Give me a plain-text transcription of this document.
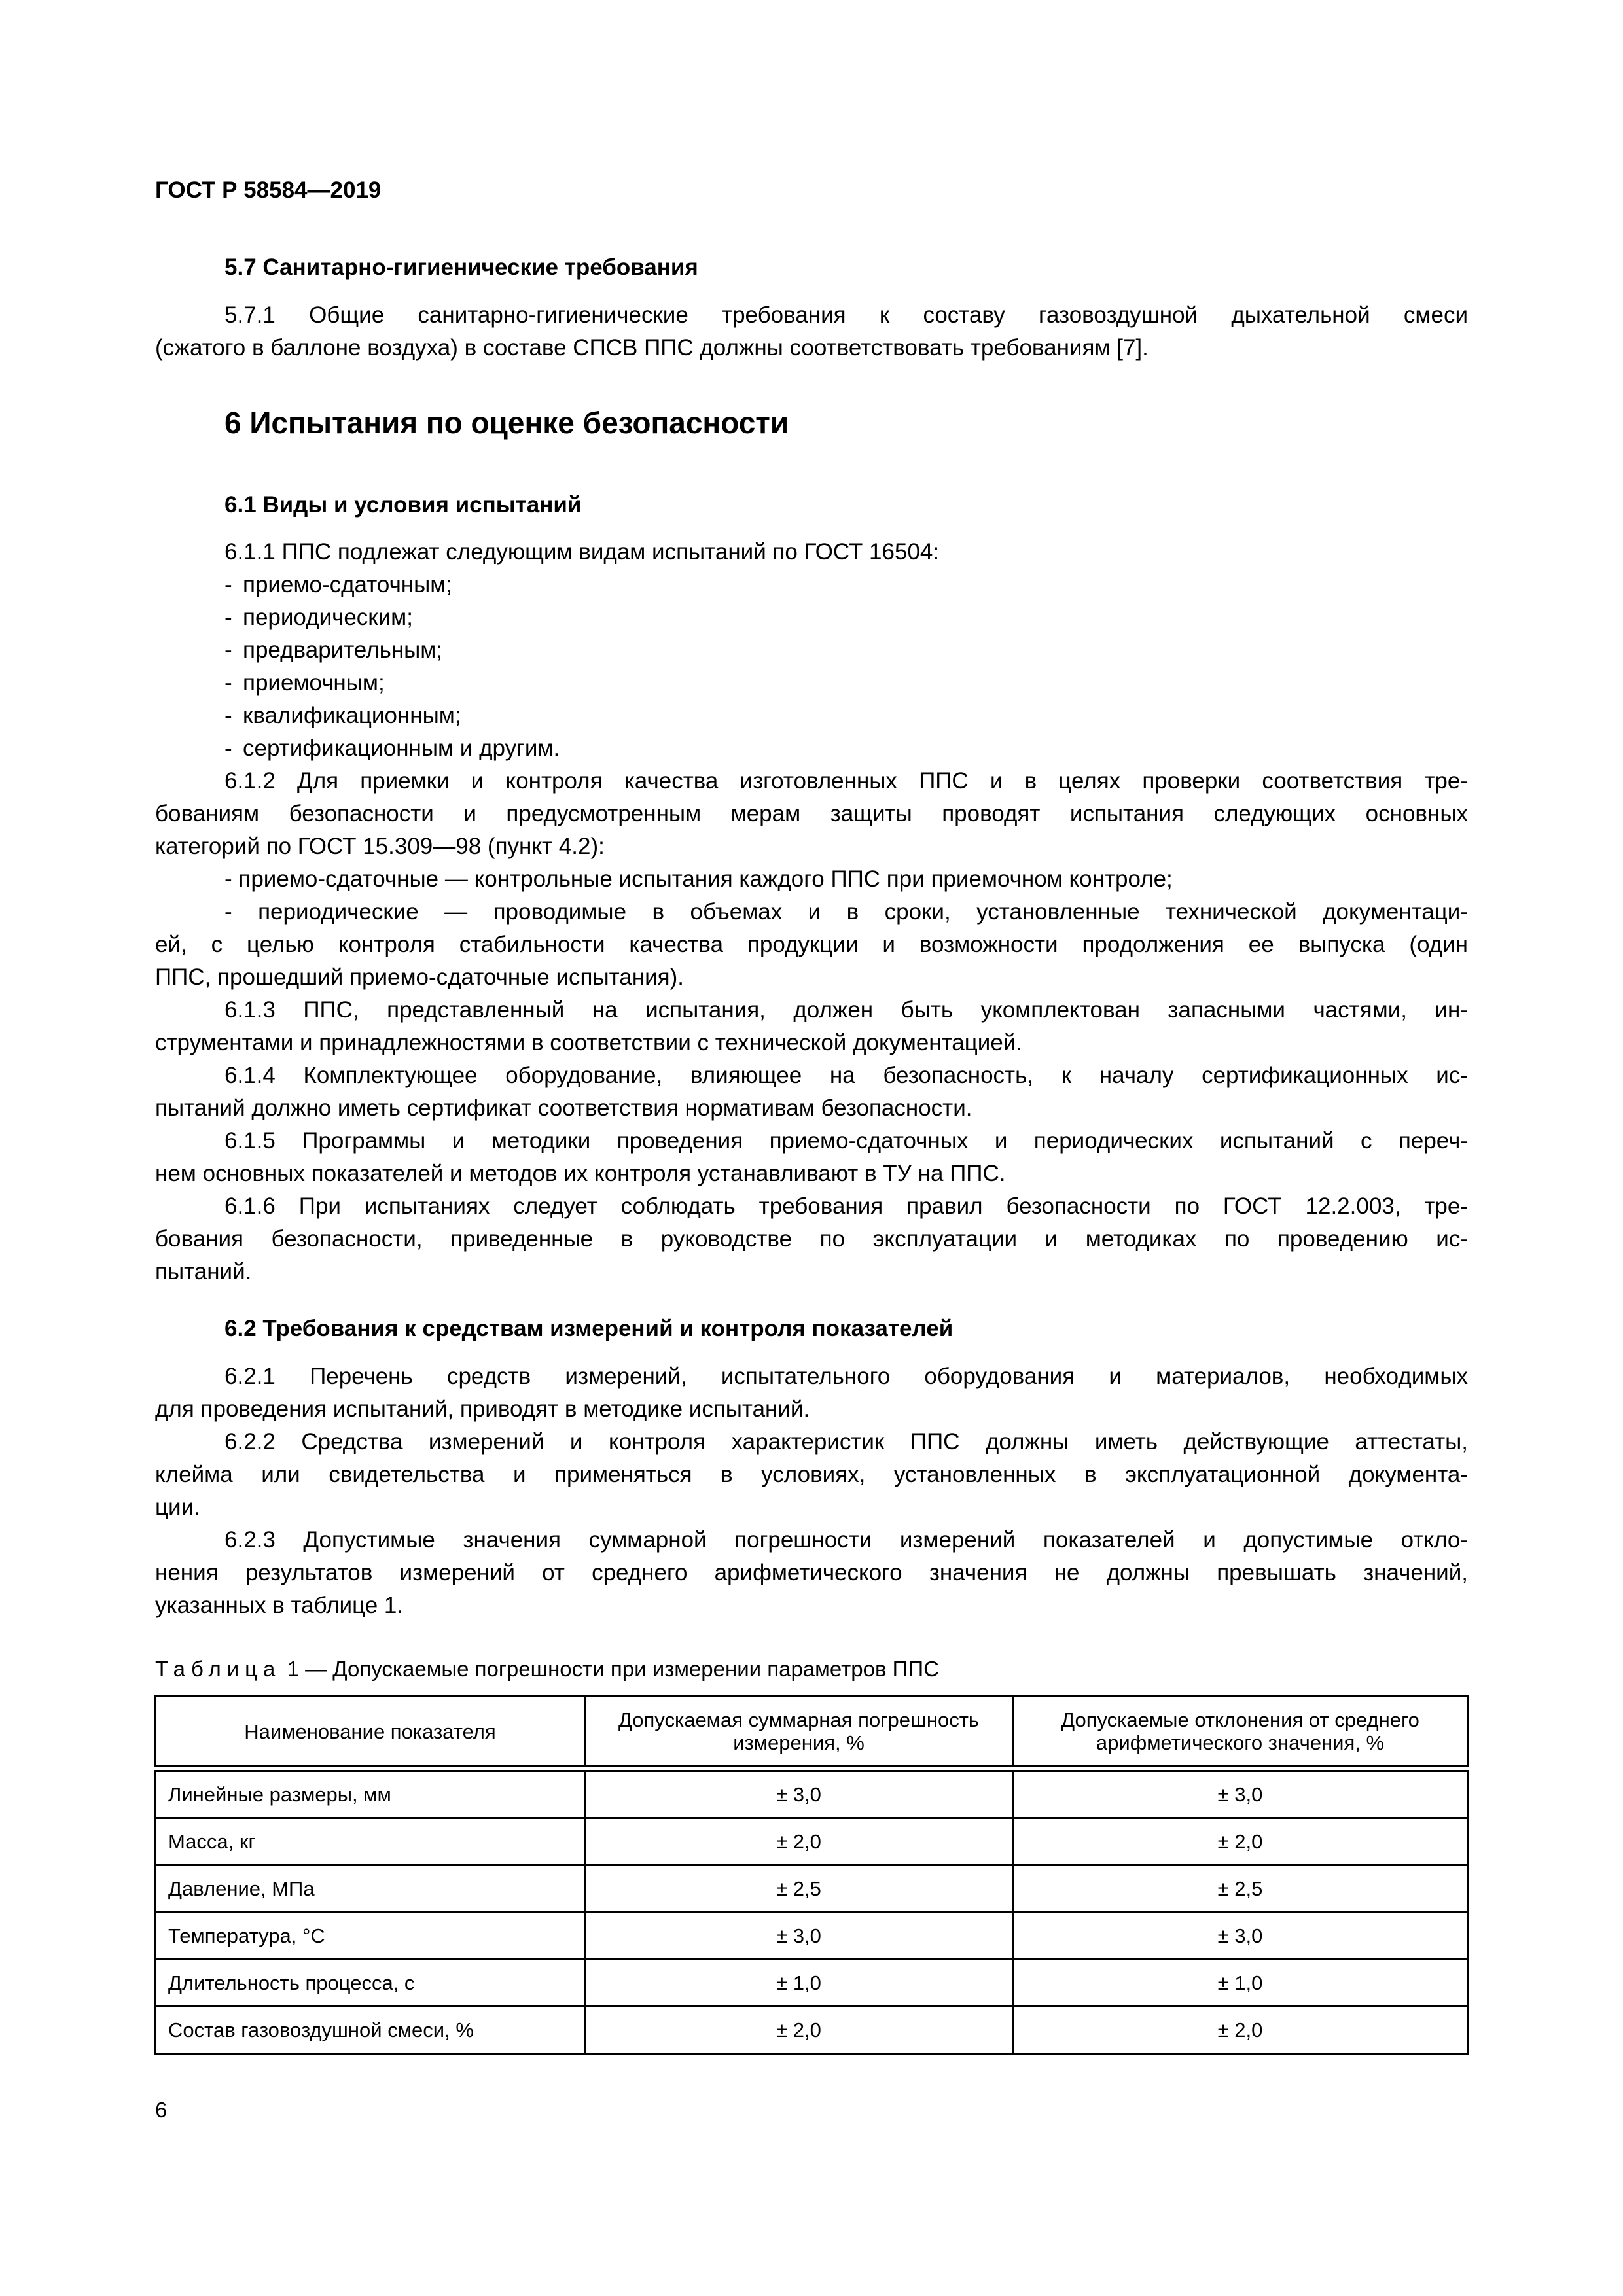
ГОСТ Р 58584—2019
5.7 Санитарно-гигиенические требования
5.7.1 Общие санитарно-гигиенические требования к составу газовоздушной дыхательной смеси
(сжатого в баллоне воздуха) в составе СПСВ ППС должны соответствовать требованиям [7].
6 Испытания по оценке безопасности
6.1 Виды и условия испытаний
6.1.1 ППС подлежат следующим видам испытаний по ГОСТ 16504:
- приемо-сдаточным;
- периодическим;
- предварительным;
- приемочным;
- квалификационным;
- сертификационным и другим.
6.1.2 Для приемки и контроля качества изготовленных ППС и в целях проверки соответствия тре-
бованиям безопасности и предусмотренным мерам защиты проводят испытания следующих основных
категорий по ГОСТ 15.309—98 (пункт 4.2):
- приемо-сдаточные — контрольные испытания каждого ППС при приемочном контроле;
- периодические — проводимые в объемах и в сроки, установленные технической документаци-
ей, с целью контроля стабильности качества продукции и возможности продолжения ее выпуска (один
ППС, прошедший приемо-сдаточные испытания).
6.1.3 ППС, представленный на испытания, должен быть укомплектован запасными частями, ин-
струментами и принадлежностями в соответствии с технической документацией.
6.1.4 Комплектующее оборудование, влияющее на безопасность, к началу сертификационных ис-
пытаний должно иметь сертификат соответствия нормативам безопасности.
6.1.5 Программы и методики проведения приемо-сдаточных и периодических испытаний с переч-
нем основных показателей и методов их контроля устанавливают в ТУ на ППС.
6.1.6 При испытаниях следует соблюдать требования правил безопасности по ГОСТ 12.2.003, тре-
бования безопасности, приведенные в руководстве по эксплуатации и методиках по проведению ис-
пытаний.
6.2 Требования к средствам измерений и контроля показателей
6.2.1 Перечень средств измерений, испытательного оборудования и материалов, необходимых
для проведения испытаний, приводят в методике испытаний.
6.2.2 Средства измерений и контроля характеристик ППС должны иметь действующие аттестаты,
клейма или свидетельства и применяться в условиях, установленных в эксплуатационной документа-
ции.
6.2.3 Допустимые значения суммарной погрешности измерений показателей и допустимые откло-
нения результатов измерений от среднего арифметического значения не должны превышать значений,
указанных в таблице 1.
Таблица 1 — Допускаемые погрешности при измерении параметров ППС
Наименование показателя	Допускаемая суммарная погрешность измерения, %	Допускаемые отклонения от среднего арифметического значения, %
Линейные размеры, мм	± 3,0	± 3,0
Масса, кг	± 2,0	± 2,0
Давление, МПа	± 2,5	± 2,5
Температура, °С	± 3,0	± 3,0
Длительность процесса, с	± 1,0	± 1,0
Состав газовоздушной смеси, %	± 2,0	± 2,0
6
